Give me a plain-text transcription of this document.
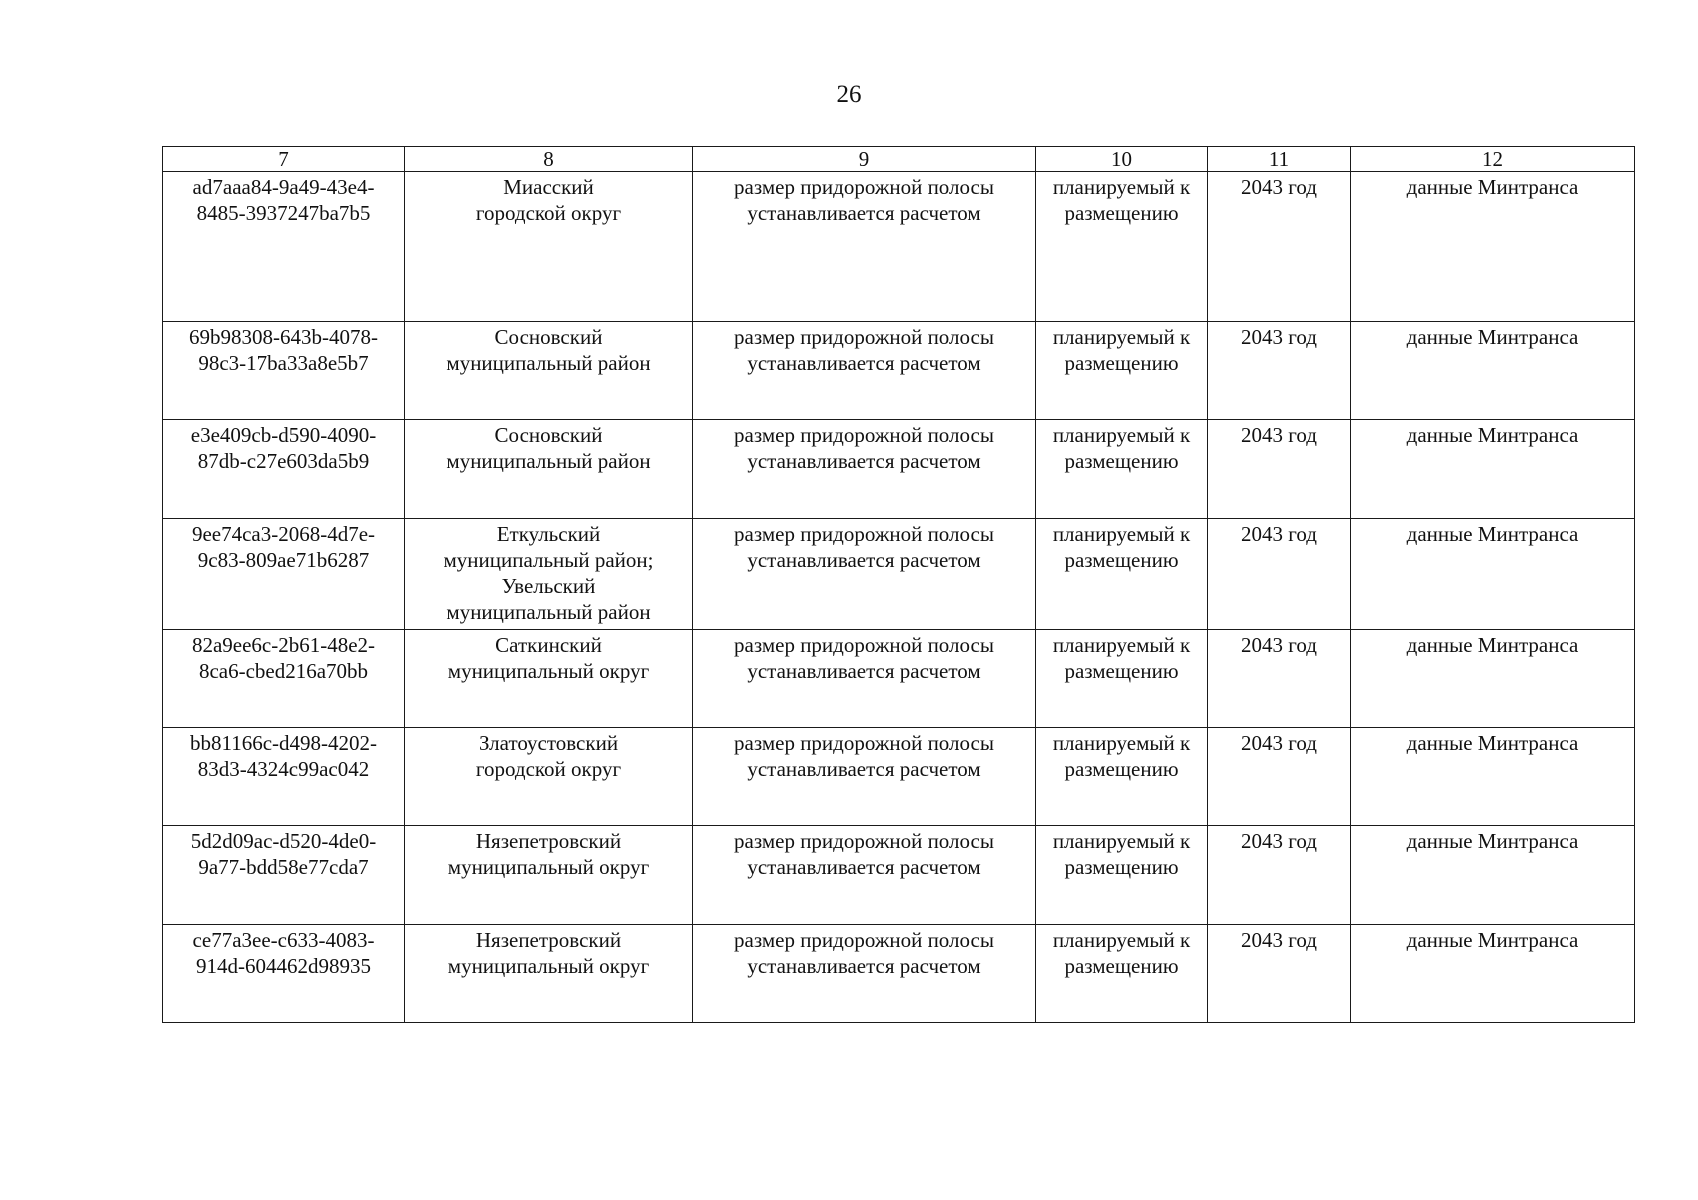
26
7	8	9	10	11	12

ad7aaa84-9a49-43e4-
8485-3937247ba7b5	Миасский
городской округ	размер придорожной полосы
устанавливается расчетом	планируемый к
размещению	2043 год	данные Минтранса

69b98308-643b-4078-
98c3-17ba33a8e5b7	Сосновский
муниципальный район	размер придорожной полосы
устанавливается расчетом	планируемый к
размещению	2043 год	данные Минтранса

e3e409cb-d590-4090-
87db-c27e603da5b9	Сосновский
муниципальный район	размер придорожной полосы
устанавливается расчетом	планируемый к
размещению	2043 год	данные Минтранса

9ee74ca3-2068-4d7e-
9c83-809ae71b6287	Еткульский
муниципальный район;
Увельский
муниципальный район	размер придорожной полосы
устанавливается расчетом	планируемый к
размещению	2043 год	данные Минтранса

82a9ee6c-2b61-48e2-
8ca6-cbed216a70bb	Саткинский
муниципальный округ	размер придорожной полосы
устанавливается расчетом	планируемый к
размещению	2043 год	данные Минтранса

bb81166c-d498-4202-
83d3-4324c99ac042	Златоустовский
городской округ	размер придорожной полосы
устанавливается расчетом	планируемый к
размещению	2043 год	данные Минтранса

5d2d09ac-d520-4de0-
9a77-bdd58e77cda7	Нязепетровский
муниципальный округ	размер придорожной полосы
устанавливается расчетом	планируемый к
размещению	2043 год	данные Минтранса

ce77a3ee-c633-4083-
914d-604462d98935	Нязепетровский
муниципальный округ	размер придорожной полосы
устанавливается расчетом	планируемый к
размещению	2043 год	данные Минтранса
